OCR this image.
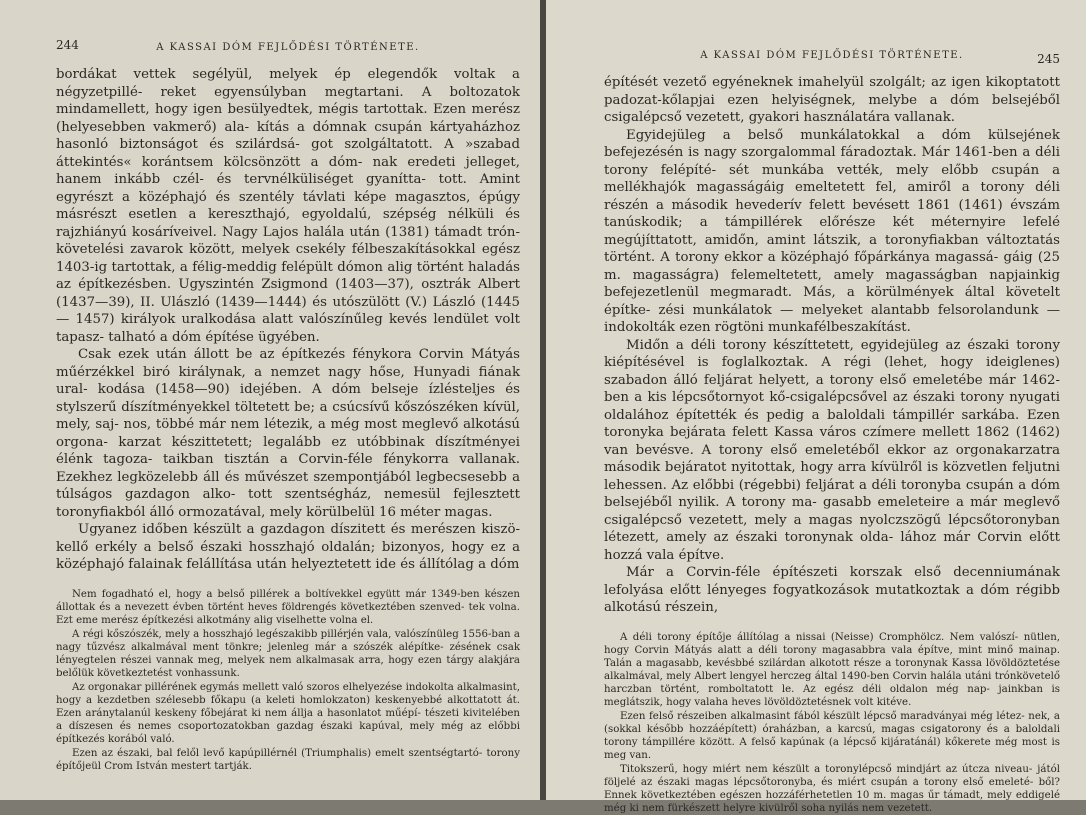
244	A KASSAI DÓM FEJLŐDÉSI TÖRTÉNETE.

bordákat vettek segélyül, melyek ép elegendők voltak a négyzetpillé- reket egyensúlyban megtartani. A boltozatok mindamellett, hogy igen besülyedtek, mégis tartottak. Ezen merész (helyesebben vakmerő) ala- kítás a dómnak csupán kártyaházhoz hasonló biztonságot és szilárdsá- got szolgáltatott. A »szabad áttekintés« korántsem kölcsönzött a dóm- nak eredeti jelleget, hanem inkább czél- és tervnélküliséget gyanítta- tott. Amint egyrészt a középhajó és szentély távlati képe magasztos, épúgy másrészt esetlen a kereszthajó, egyoldalú, szépség nélküli és rajzhiányú kosáríveivel. Nagy Lajos halála után (1381) támadt trón- követelési zavarok között, melyek csekély félbeszakításokkal egész 1403-ig tartottak, a félig-meddig felépült dómon alig történt haladás az építkezésben. Ugyszintén Zsigmond (1403—37), osztrák Albert (1437—39), II. Ulászló (1439—1444) és utószülött (V.) László (1445— 1457) királyok uralkodása alatt valószínűleg kevés lendület volt tapasz- talható a dóm építése ügyében.

Csak ezek után állott be az építkezés fénykora Corvin Mátyás műérzékkel biró királynak, a nemzet nagy hőse, Hunyadi fiának ural- kodása (1458—90) idejében. A dóm belseje ízlésteljes és stylszerű díszítményekkel töltetett be; a csúcsívű kőszószéken kívül, mely, saj- nos, többé már nem létezik, a még most meglevő alkotású orgona- karzat készittetett; legalább ez utóbbinak díszítményei élénk tagoza- taikban tisztán a Corvin-féle fénykorra vallanak. Ezekhez legközelebb áll és művészet szempontjából legbecsesebb a túlságos gazdagon alko- tott szentségház, nemesül fejlesztett toronyfiakból álló ormozatával, mely körülbelül 16 méter magas.

Ugyanez időben készült a gazdagon díszitett és merészen kiszö- kellő erkély a belső északi hosszhajó oldalán; bizonyos, hogy ez a középhajó falainak felállítása után helyeztetett ide és állítólag a dóm

Nem fogadható el, hogy a belső pillérek a boltívekkel együtt már 1349-ben készen állottak és a nevezett évben történt heves földrengés következtében szenved- tek volna. Ezt eme merész építkezési alkotmány alig viselhette volna el.

A régi kőszószék, mely a hosszhajó legészakibb pillérjén vala, valószínüleg 1556-ban a nagy tűzvész alkalmával ment tönkre; jelenleg már a szószék alépítke- zésének csak lényegtelen részei vannak meg, melyek nem alkalmasak arra, hogy ezen tárgy alakjára belőlük következtetést vonhassunk.

Az orgonakar pillérének egymás mellett való szoros elhelyezése indokolta alkalmasint, hogy a kezdetben szélesebb főkapu (a keleti homlokzaton) keskenyebbé alkottatott át. Ezen aránytalanúl keskeny főbejárat ki nem állja a hasonlatot műépí- tészeti kivitelében a díszesen és nemes csoportozatokban gazdag északi kapúval, mely még az előbbi építkezés korából való.

Ezen az északi, bal felől levő kapúpillérnél (Triumphalis) emelt szentségtartó- torony építőjeül Crom István mestert tartják.

A KASSAI DÓM FEJLŐDÉSI TÖRTÉNETE.	245

építését vezető egyéneknek imahelyül szolgált; az igen kikoptatott padozat-kőlapjai ezen helyiségnek, melybe a dóm belsejéből csigalépcső vezetett, gyakori használatára vallanak.

Egyidejüleg a belső munkálatokkal a dóm külsejének befejezésén is nagy szorgalommal fáradoztak. Már 1461-ben a déli torony felépíté- sét munkába vették, mely előbb csupán a mellékhajók magasságáig emeltetett fel, amiről a torony déli részén a második hevederív felett bevésett 1861 (1461) évszám tanúskodik; a támpillérek előrésze két méternyire lefelé megújíttatott, amidőn, amint látszik, a toronyfiakban változtatás történt. A torony ekkor a középhajó főpárkánya magassá- gáig (25 m. magasságra) felemeltetett, amely magasságban napjainkig befejezetlenül megmaradt. Más, a körülmények által követelt építke- zési munkálatok — melyeket alantabb felsorolandunk — indokolták ezen rögtöni munkafélbeszakítást.

Midőn a déli torony készíttetett, egyidejüleg az északi torony kiépítésével is foglalkoztak. A régi (lehet, hogy ideiglenes) szabadon álló feljárat helyett, a torony első emeletébe már 1462-ben a kis lépcsőtornyot kő-csigalépcsővel az északi torony nyugati oldalához építették és pedig a baloldali támpillér sarkába. Ezen toronyka bejárata felett Kassa város czímere mellett 1862 (1462) van bevésve. A torony első emeletéből ekkor az orgonakarzatra második bejáratot nyitottak, hogy arra kívülről is közvetlen feljutni lehessen. Az előbbi (régebbi) feljárat a déli toronyba csupán a dóm belsejéből nyilik. A torony ma- gasabb emeleteire a már meglevő csigalépcső vezetett, mely a magas nyolczszögű lépcsőtoronyban létezett, amely az északi toronynak olda- lához már Corvin előtt hozzá vala építve.

Már a Corvin-féle építészeti korszak első decenniumának lefolyása előtt lényeges fogyatkozások mutatkoztak a dóm régibb alkotású részein,

A déli torony építője állítólag a nissai (Neisse) Cromphölcz. Nem valószí- nütlen, hogy Corvin Mátyás alatt a déli torony magasabbra vala építve, mint minő mainap. Talán a magasabb, kevésbbé szilárdan alkotott része a toronynak Kassa lövöldöztetése alkalmával, mely Albert lengyel herczeg által 1490-ben Corvin halála utáni trónkövetelő harczban történt, romboltatott le. Az egész déli oldalon még nap- jainkban is meglátszik, hogy valaha heves lövöldöztetésnek volt kitéve.

Ezen felső részeiben alkalmasint fából készült lépcső maradványai még létez- nek, a (sokkal később hozzáépített) óraházban, a karcsú, magas csigatorony és a baloldali torony támpillére között. A felső kapúnak (a lépcső kijáratánál) kőkerete még most is meg van.

Titokszerű, hogy miért nem készült a toronylépcső mindjárt az útcza niveau- jától följelé az északi magas lépcsőtoronyba, és miért csupán a torony első emeleté- ből? Ennek következtében egészen hozzáférhetetlen 10 m. magas űr támadt, mely eddigelé még ki nem fürkészett helyre kivülről soha nyilás nem vezetett.
